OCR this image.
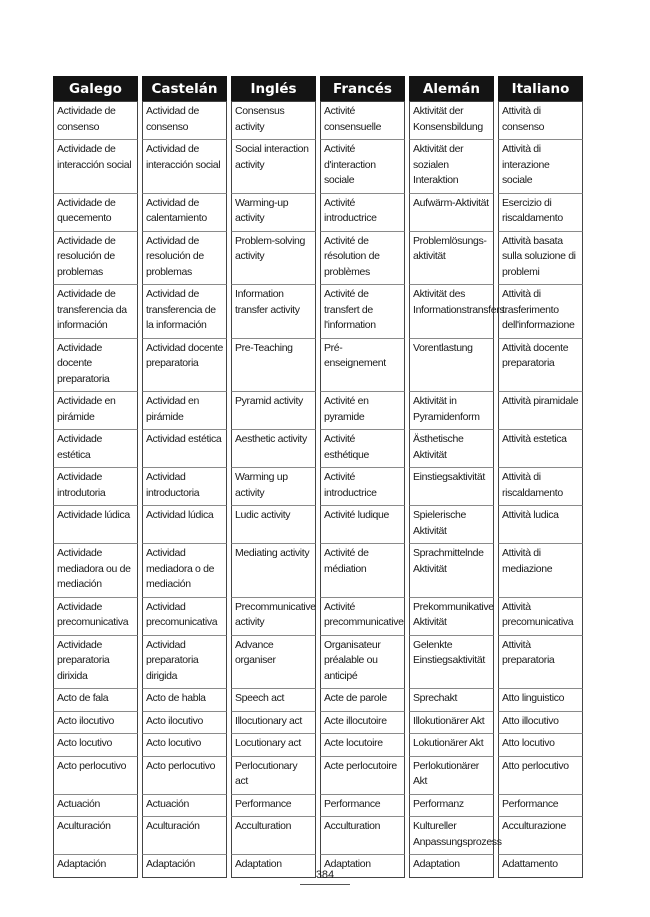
Galego	Castelán	Inglés	Francés	Alemán	Italiano
Actividade de consenso	Actividad de consenso	Consensus activity	Activité consensuelle	Aktivität der Konsensbildung	Attività di consenso
Actividade de interacción social	Actividad de interacción social	Social interaction activity	Activité d'interaction sociale	Aktivität der sozialen Interaktion	Attività di interazione sociale
Actividade de quecemento	Actividad de calentamiento	Warming-up activity	Activité introductrice	Aufwärm-Aktivität	Esercizio di riscaldamento
Actividade de resolución de problemas	Actividad de resolución de problemas	Problem-solving activity	Activité de résolution de problèmes	Problemlösungs-aktivität	Attività basata sulla soluzione di problemi
Actividade de transferencia da información	Actividad de transferencia de la información	Information transfer activity	Activité de transfert de l'information	Aktivität des Informationstransfers	Attività di trasferimento dell'informazione
Actividade docente preparatoria	Actividad docente preparatoria	Pre-Teaching	Pré-enseignement	Vorentlastung	Attività docente preparatoria
Actividade en pirámide	Actividad en pirámide	Pyramid activity	Activité en pyramide	Aktivität in Pyramidenform	Attività piramidale
Actividade estética	Actividad estética	Aesthetic activity	Activité esthétique	Ästhetische Aktivität	Attività estetica
Actividade introdutoria	Actividad introductoria	Warming up activity	Activité introductrice	Einstiegsaktivität	Attività di riscaldamento
Actividade lúdica	Actividad lúdica	Ludic activity	Activité ludique	Spielerische Aktivität	Attività ludica
Actividade mediadora ou de mediación	Actividad mediadora o de mediación	Mediating activity	Activité de médiation	Sprachmittelnde Aktivität	Attività di mediazione
Actividade precomunicativa	Actividad precomunicativa	Precommunicative activity	Activité precommunicative	Prekommunikative Aktivität	Attività precomunicativa
Actividade preparatoria dirixida	Actividad preparatoria dirigida	Advance organiser	Organisateur préalable ou anticipé	Gelenkte Einstiegsaktivität	Attività preparatoria
Acto de fala	Acto de habla	Speech act	Acte de parole	Sprechakt	Atto linguistico
Acto ilocutivo	Acto ilocutivo	Illocutionary act	Acte illocutoire	Illokutionärer Akt	Atto illocutivo
Acto locutivo	Acto locutivo	Locutionary act	Acte locutoire	Lokutionärer Akt	Atto locutivo
Acto perlocutivo	Acto perlocutivo	Perlocutionary act	Acte perlocutoire	Perlokutionärer Akt	Atto perlocutivo
Actuación	Actuación	Performance	Performance	Performanz	Performance
Aculturación	Aculturación	Acculturation	Acculturation	Kultureller Anpassungsprozess	Acculturazione
Adaptación	Adaptación	Adaptation	Adaptation	Adaptation	Adattamento
384
